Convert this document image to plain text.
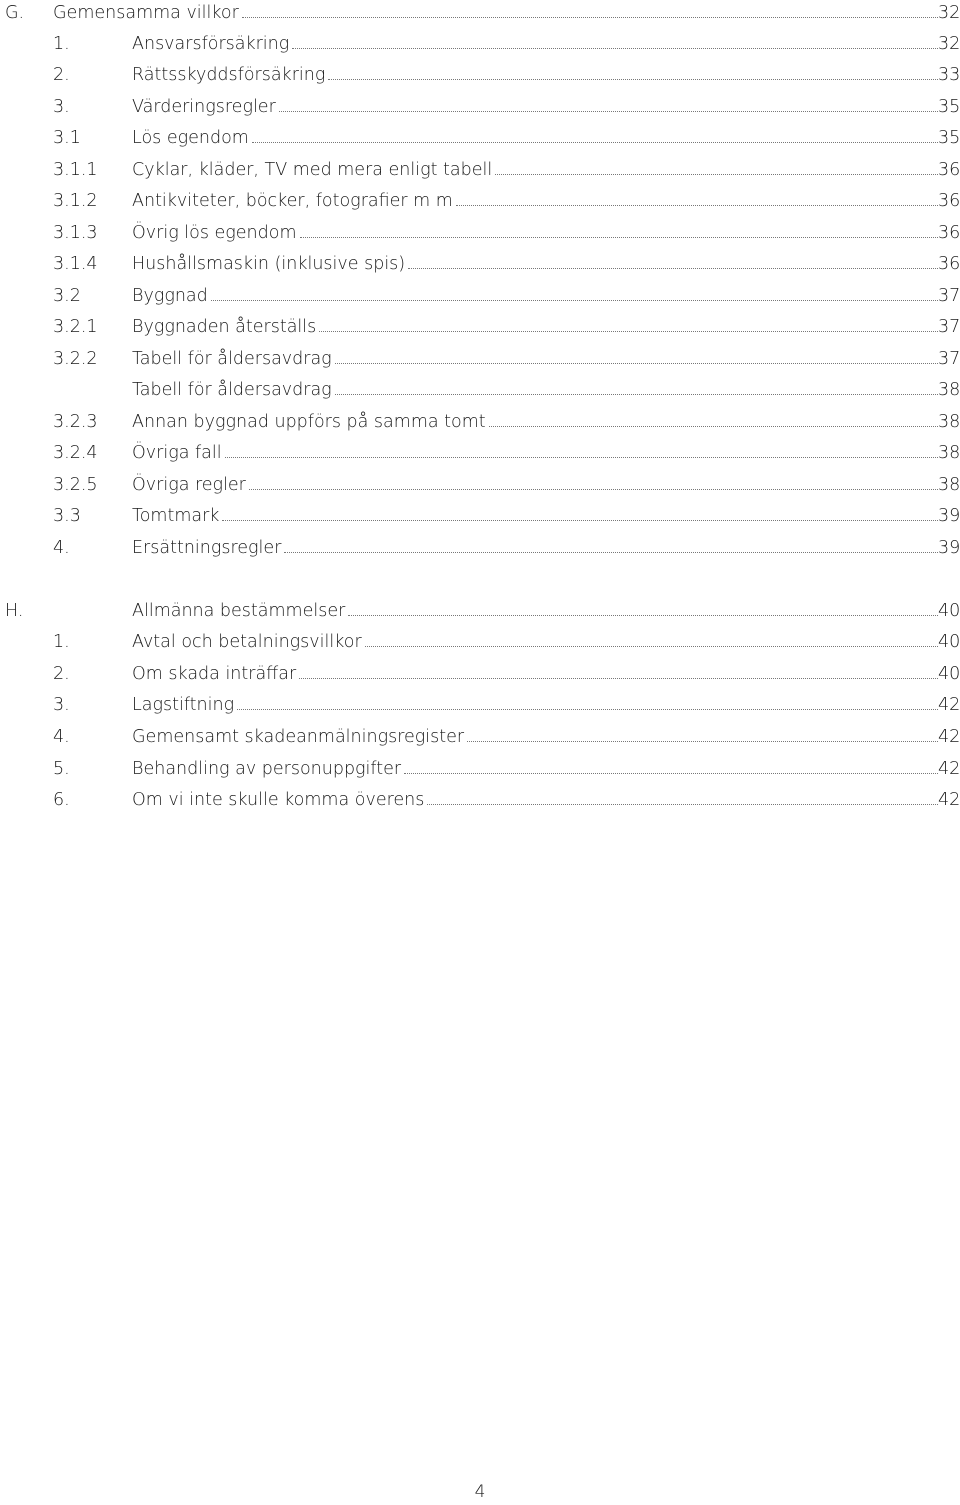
G. Gemensamma villkor	32
1.	Ansvarsförsäkring	32
2.	Rättsskyddsförsäkring	33
3.	Värderingsregler	35
3.1	Lös egendom	35
3.1.1 Cyklar, kläder, TV med mera enligt tabell	36
3.1.2 Antikviteter, böcker, fotografier m m	36
3.1.3 Övrig lös egendom	36
3.1.4 Hushållsmaskin (inklusive spis)	36
3.2	Byggnad	37
3.2.1 Byggnaden återställs	37
3.2.2 Tabell för åldersavdrag	37
Tabell för åldersavdrag	38
3.2.3 Annan byggnad uppförs på samma tomt	38
3.2.4 Övriga fall	38
3.2.5 Övriga regler	38
3.3	Tomtmark	39
4.	Ersättningsregler	39
H.	Allmänna bestämmelser	40
1.	Avtal och betalningsvillkor	40
2.	Om skada inträffar	40
3.	Lagstiftning	42
4.	Gemensamt skadeanmälningsregister	42
5.	Behandling av personuppgifter	42
6.	Om vi inte skulle komma överens	42
4
